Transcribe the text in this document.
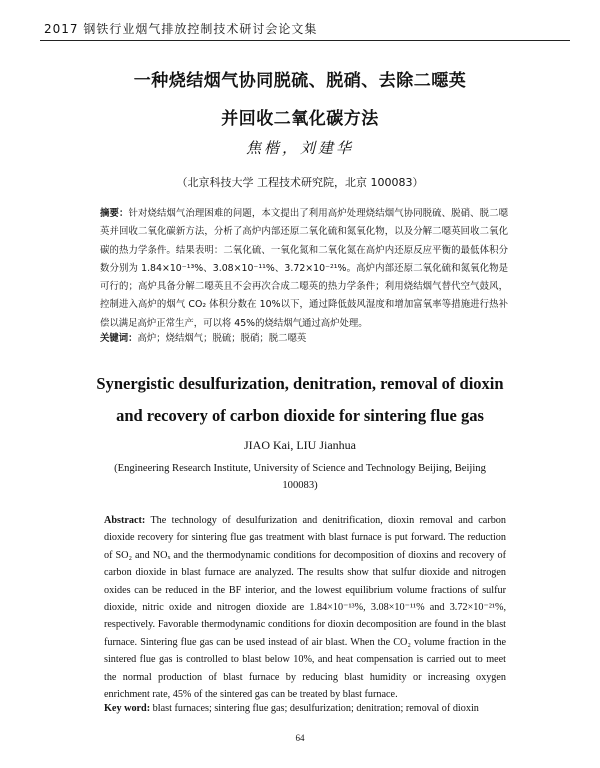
2017 钢铁行业烟气排放控制技术研讨会论文集
一种烧结烟气协同脱硫、脱硝、去除二噁英
并回收二氧化碳方法
焦楷，刘建华
（北京科技大学 工程技术研究院，北京 100083）
摘要：针对烧结烟气治理困难的问题，本文提出了利用高炉处理烧结烟气协同脱硫、脱硝、脱二噁英并回收二氧化碳新方法，分析了高炉内部还原二氧化硫和氮氧化物，以及分解二噁英回收二氧化碳的热力学条件。结果表明：二氧化硫、一氧化氮和二氧化氮在高炉内还原反应平衡的最低体积分数分别为 1.84×10⁻¹³%、3.08×10⁻¹¹%、3.72×10⁻²¹%。高炉内部还原二氧化硫和氮氧化物是可行的；高炉具备分解二噁英且不会再次合成二噁英的热力学条件；利用烧结烟气替代空气鼓风，控制进入高炉的烟气 CO₂ 体积分数在 10%以下，通过降低鼓风湿度和增加富氧率等措施进行热补偿以满足高炉正常生产，可以将 45%的烧结烟气通过高炉处理。
关键词：高炉；烧结烟气；脱硫；脱硝；脱二噁英
Synergistic desulfurization, denitration, removal of dioxin
and recovery of carbon dioxide for sintering flue gas
JIAO Kai, LIU Jianhua
(Engineering Research Institute, University of Science and Technology Beijing, Beijing
100083)
Abstract: The technology of desulfurization and denitrification, dioxin removal and carbon dioxide recovery for sintering flue gas treatment with blast furnace is put forward. The reduction of SO₂ and NOₓ and the thermodynamic conditions for decomposition of dioxins and recovery of carbon dioxide in blast furnace are analyzed. The results show that sulfur dioxide and nitrogen oxides can be reduced in the BF interior, and the lowest equilibrium volume fractions of sulfur dioxide, nitric oxide and nitrogen dioxide are 1.84×10⁻¹³%, 3.08×10⁻¹¹% and 3.72×10⁻²¹%, respectively. Favorable thermodynamic conditions for dioxin decomposition are found in the blast furnace. Sintering flue gas can be used instead of air blast. When the CO₂ volume fraction in the sintered flue gas is controlled to blast below 10%, and heat compensation is carried out to meet the normal production of blast furnace by reducing blast humidity or increasing oxygen enrichment rate, 45% of the sintered gas can be treated by blast furnace.
Key word: blast furnaces; sintering flue gas; desulfurization; denitration; removal of dioxin
64
